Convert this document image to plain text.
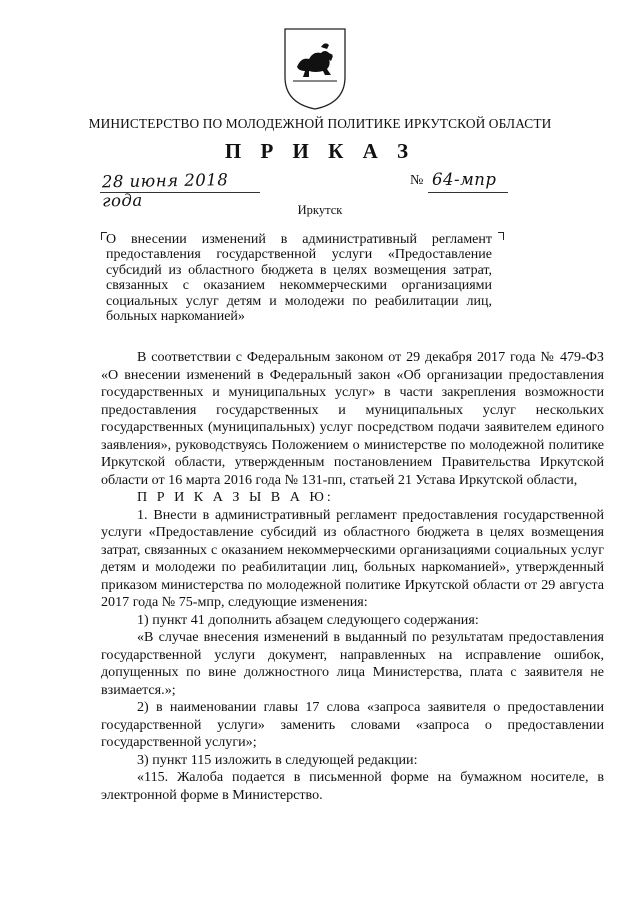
МИНИСТЕРСТВО ПО МОЛОДЕЖНОЙ ПОЛИТИКЕ ИРКУТСКОЙ ОБЛАСТИ
П Р И К А З
28 июня 2018 года
№ 64-мпр
Иркутск
О внесении изменений в административный регламент предоставления государственной услуги «Предоставление субсидий из областного бюджета в целях возмещения затрат, связанных с оказанием некоммерческими организациями социальных услуг детям и молодежи по реабилитации лиц, больных наркоманией»

В соответствии с Федеральным законом от 29 декабря 2017 года № 479-ФЗ «О внесении изменений в Федеральный закон «Об организации предоставления государственных и муниципальных услуг» в части закрепления возможности предоставления государственных и муниципальных услуг нескольких государственных (муниципальных) услуг посредством подачи заявителем единого заявления», руководствуясь Положением о министерстве по молодежной политике Иркутской области, утвержденным постановлением Правительства Иркутской области от 16 марта 2016 года № 131-пп, статьей 21 Устава Иркутской области,

П Р И К А З Ы В А Ю:

1. Внести в административный регламент предоставления государственной услуги «Предоставление субсидий из областного бюджета в целях возмещения затрат, связанных с оказанием некоммерческими организациями социальных услуг детям и молодежи по реабилитации лиц, больных наркоманией», утвержденный приказом министерства по молодежной политике Иркутской области от 29 августа 2017 года № 75-мпр, следующие изменения:

1) пункт 41 дополнить абзацем следующего содержания:

«В случае внесения изменений в выданный по результатам предоставления государственной услуги документ, направленных на исправление ошибок, допущенных по вине должностного лица Министерства, плата с заявителя не взимается.»;

2) в наименовании главы 17 слова «запроса заявителя о предоставлении государственной услуги» заменить словами «запроса о предоставлении государственной услуги»;

3) пункт 115 изложить в следующей редакции:

«115. Жалоба подается в письменной форме на бумажном носителе, в электронной форме в Министерство.
